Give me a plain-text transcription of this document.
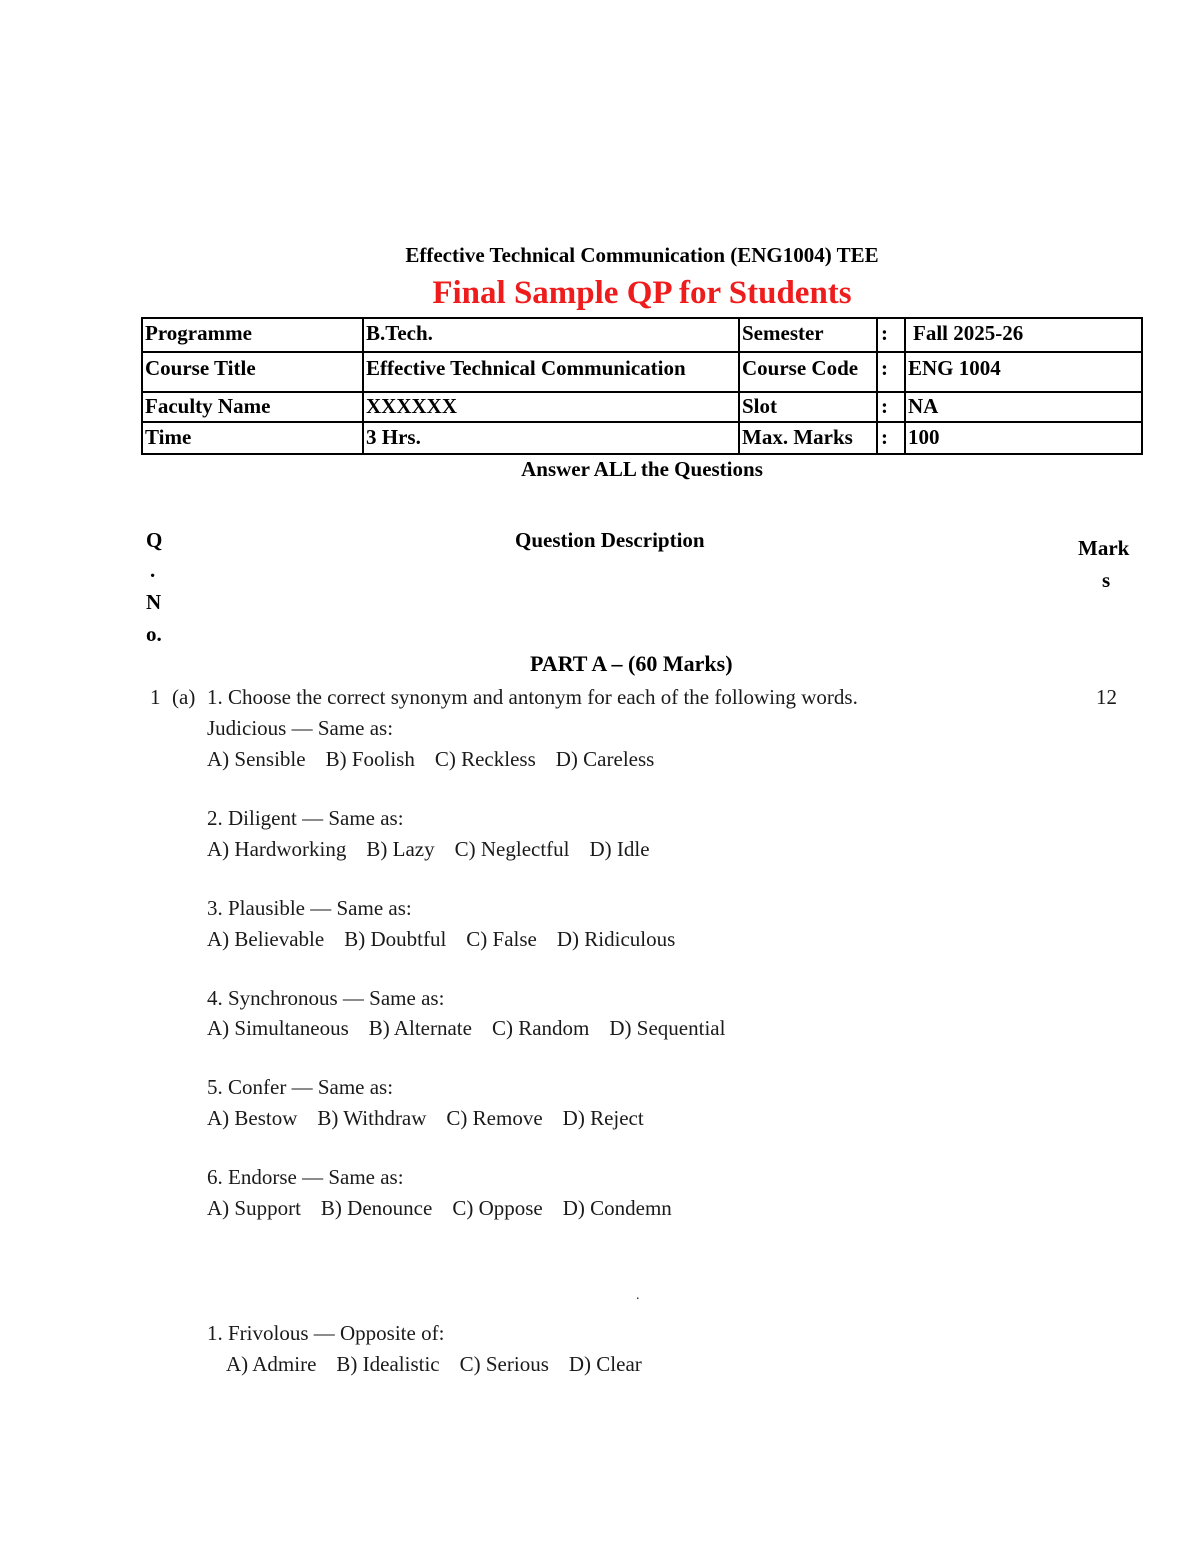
Effective Technical Communication (ENG1004) TEE
Final Sample QP for Students
Programme	B.Tech.	Semester	: Fall 2025-26
Course Title	Effective Technical Communication	Course Code : ENG 1004
Faculty Name	XXXXXX	Slot	: NA
Time	3 Hrs.	Max. Marks : 100
Answer ALL the Questions
Q
.
N
o.
Question Description	Mark
s
PART A – (60 Marks)
1 (a) 1. Choose the correct synonym and antonym for each of the following words.	12
Judicious — Same as:
A) Sensible B) Foolish C) Reckless D) Careless
2. Diligent — Same as:
A) Hardworking B) Lazy C) Neglectful D) Idle
3. Plausible — Same as:
A) Believable B) Doubtful C) False D) Ridiculous
4. Synchronous — Same as:
A) Simultaneous B) Alternate C) Random D) Sequential
5. Confer — Same as:
A) Bestow B) Withdraw C) Remove D) Reject
6. Endorse — Same as:
A) Support B) Denounce C) Oppose D) Condemn
.
1. Frivolous — Opposite of:
A) Admire B) Idealistic C) Serious D) Clear
